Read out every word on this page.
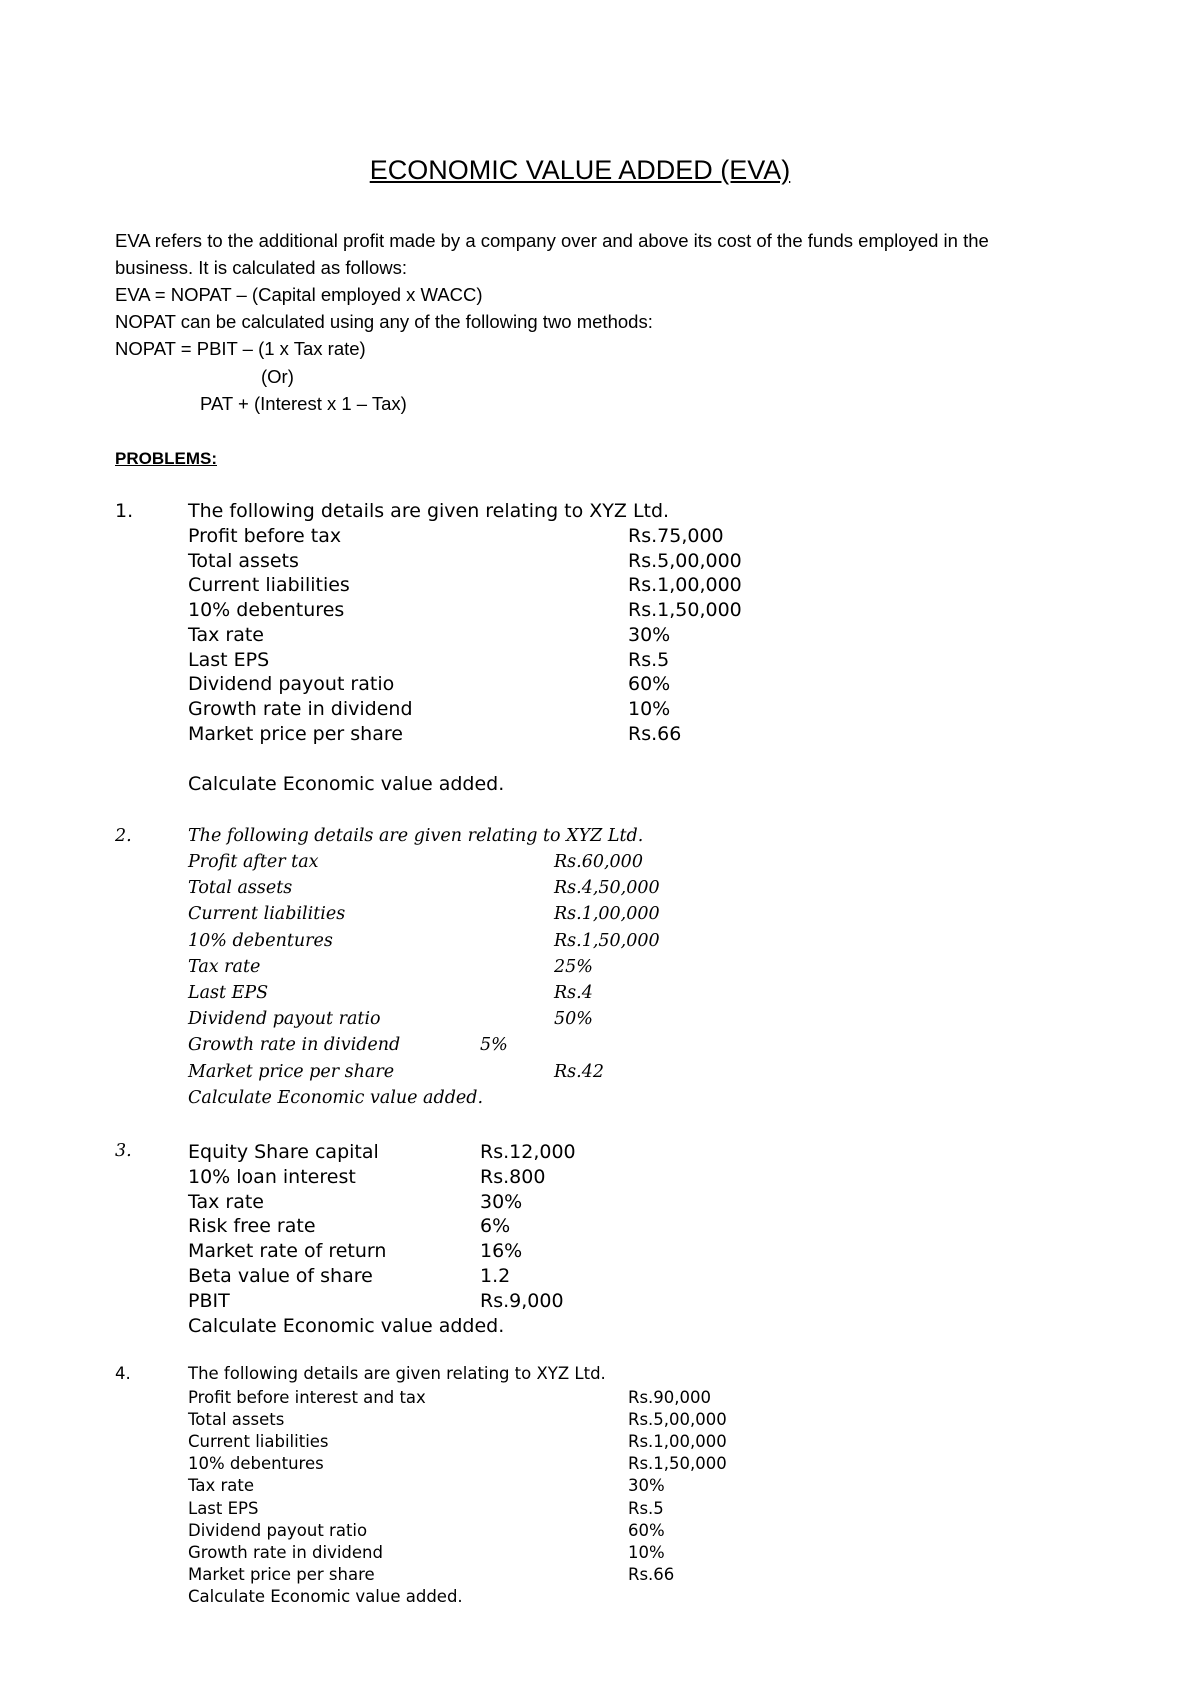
ECONOMIC VALUE ADDED (EVA)
EVA refers to the additional profit made by a company over and above its cost of the funds employed in the
business. It is calculated as follows:
EVA = NOPAT – (Capital employed x WACC)
NOPAT can be calculated using any of the following two methods:
NOPAT = PBIT – (1 x Tax rate)
(Or)
PAT + (Interest x 1 – Tax)
PROBLEMS:
1.	The following details are given relating to XYZ Ltd.
Profit before tax	Rs.75,000
Total assets	Rs.5,00,000
Current liabilities	Rs.1,00,000
10% debentures	Rs.1,50,000
Tax rate	30%
Last EPS	Rs.5
Dividend payout ratio	60%
Growth rate in dividend	10%
Market price per share	Rs.66
Calculate Economic value added.
2.	The following details are given relating to XYZ Ltd.
Profit after tax	Rs.60,000
Total assets	Rs.4,50,000
Current liabilities	Rs.1,00,000
10% debentures	Rs.1,50,000
Tax rate	25%
Last EPS	Rs.4
Dividend payout ratio	50%
Growth rate in dividend	5%
Market price per share	Rs.42
Calculate Economic value added.
3.	Equity Share capital	Rs.12,000
10% loan interest	Rs.800
Tax rate	30%
Risk free rate	6%
Market rate of return	16%
Beta value of share	1.2
PBIT	Rs.9,000
Calculate Economic value added.
4.	The following details are given relating to XYZ Ltd.
Profit before interest and tax	Rs.90,000
Total assets	Rs.5,00,000
Current liabilities	Rs.1,00,000
10% debentures	Rs.1,50,000
Tax rate	30%
Last EPS	Rs.5
Dividend payout ratio	60%
Growth rate in dividend	10%
Market price per share	Rs.66
Calculate Economic value added.
